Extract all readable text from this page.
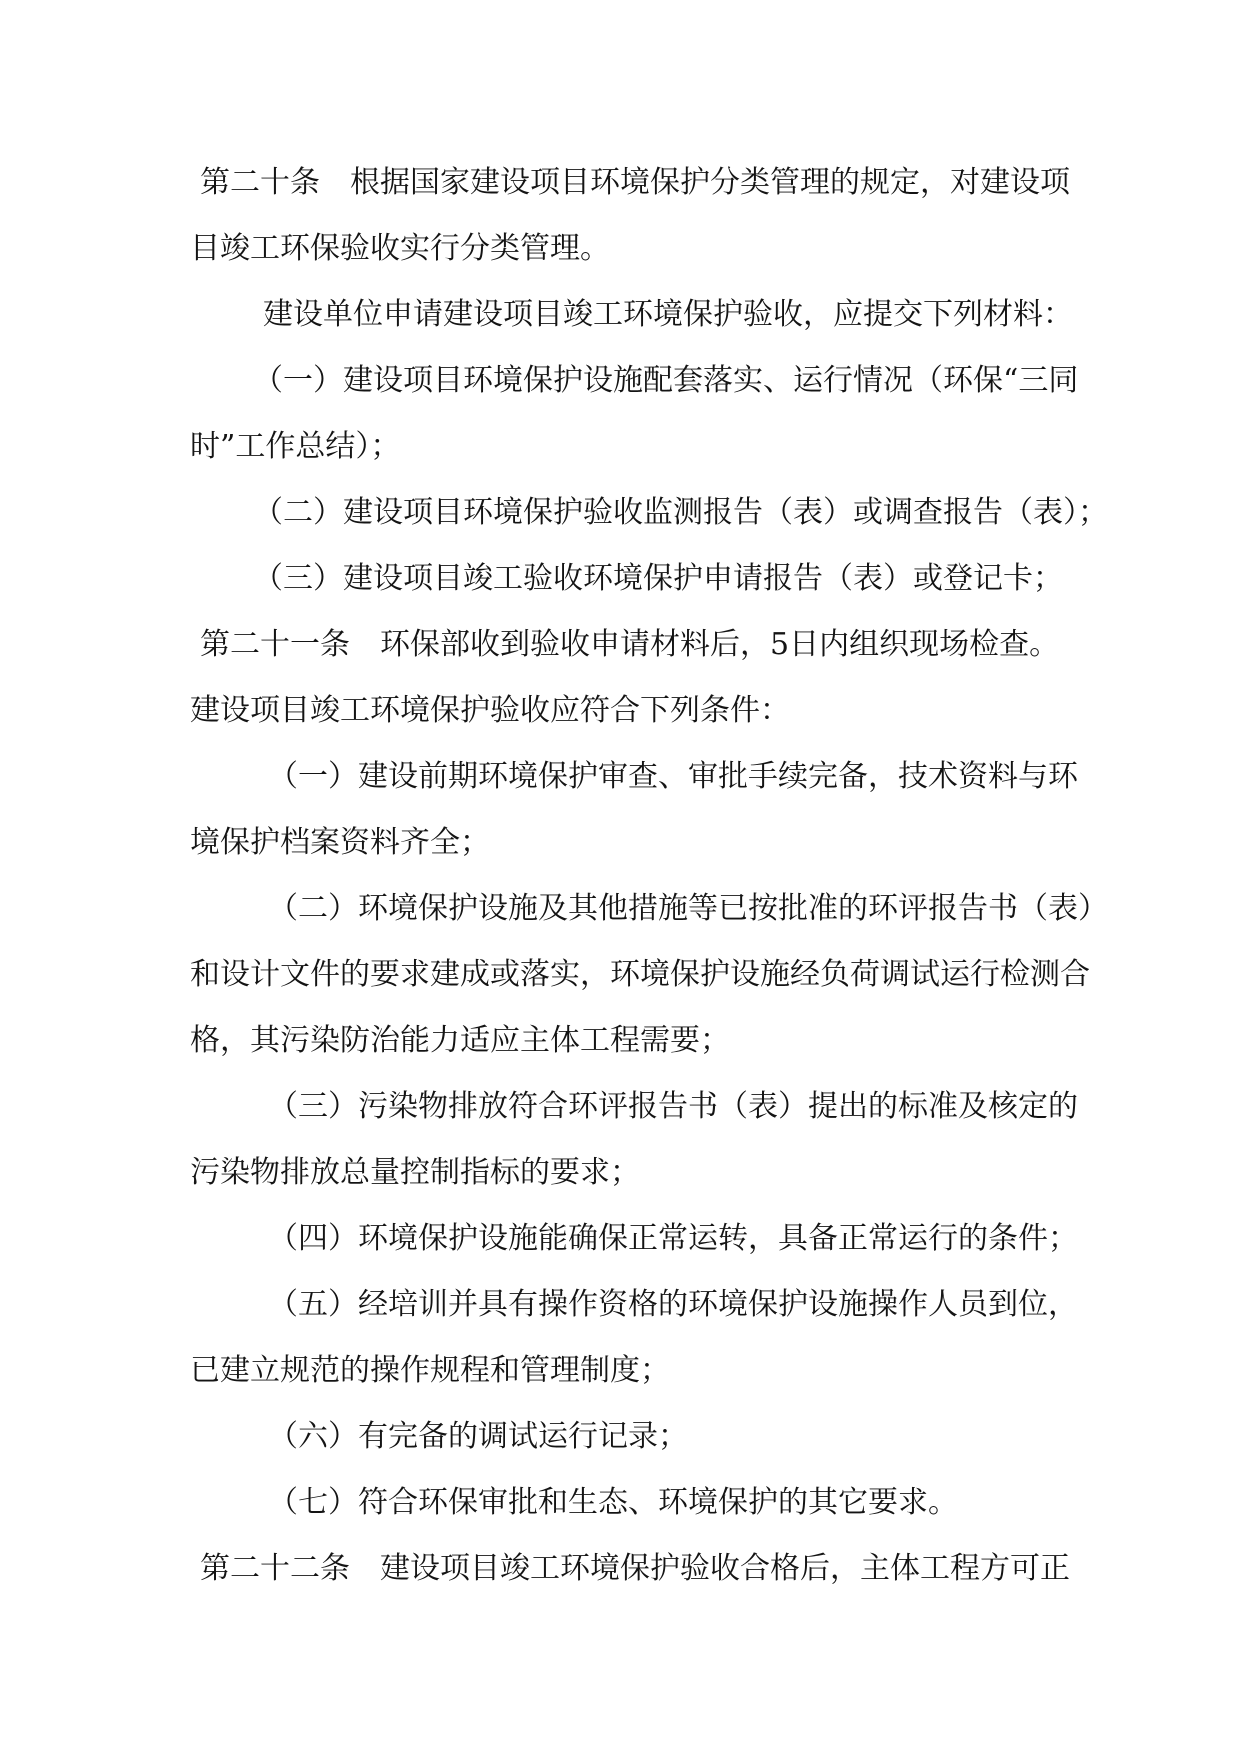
第二十条　根据国家建设项目环境保护分类管理的规定，对建设项
目竣工环保验收实行分类管理。
建设单位申请建设项目竣工环境保护验收，应提交下列材料：
（一）建设项目环境保护设施配套落实、运行情况（环保“三同
时”工作总结）；
（二）建设项目环境保护验收监测报告（表）或调查报告（表）；
（三）建设项目竣工验收环境保护申请报告（表）或登记卡；
第二十一条　环保部收到验收申请材料后，5日内组织现场检查。
建设项目竣工环境保护验收应符合下列条件：
（一）建设前期环境保护审查、审批手续完备，技术资料与环
境保护档案资料齐全；
（二）环境保护设施及其他措施等已按批准的环评报告书（表）
和设计文件的要求建成或落实，环境保护设施经负荷调试运行检测合
格，其污染防治能力适应主体工程需要；
（三）污染物排放符合环评报告书（表）提出的标准及核定的
污染物排放总量控制指标的要求；
（四）环境保护设施能确保正常运转，具备正常运行的条件；
（五）经培训并具有操作资格的环境保护设施操作人员到位，
已建立规范的操作规程和管理制度；
（六）有完备的调试运行记录；
（七）符合环保审批和生态、环境保护的其它要求。
第二十二条　建设项目竣工环境保护验收合格后，主体工程方可正
